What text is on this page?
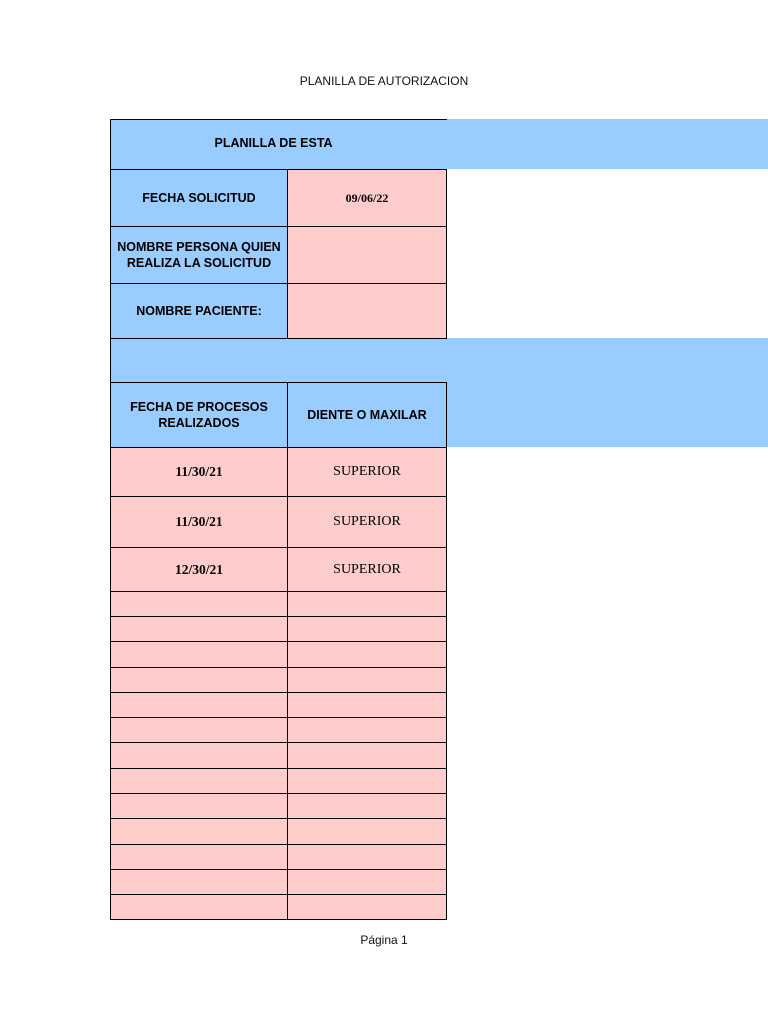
PLANILLA DE AUTORIZACION
PLANILLA DE ESTA	
FECHA SOLICITUD	09/06/22
NOMBRE PERSONA QUIEN REALIZA LA SOLICITUD	
NOMBRE PACIENTE:	

FECHA DE PROCESOS REALIZADOS	DIENTE O MAXILAR
11/30/21	SUPERIOR
11/30/21	SUPERIOR
12/30/21	SUPERIOR

Página 1
